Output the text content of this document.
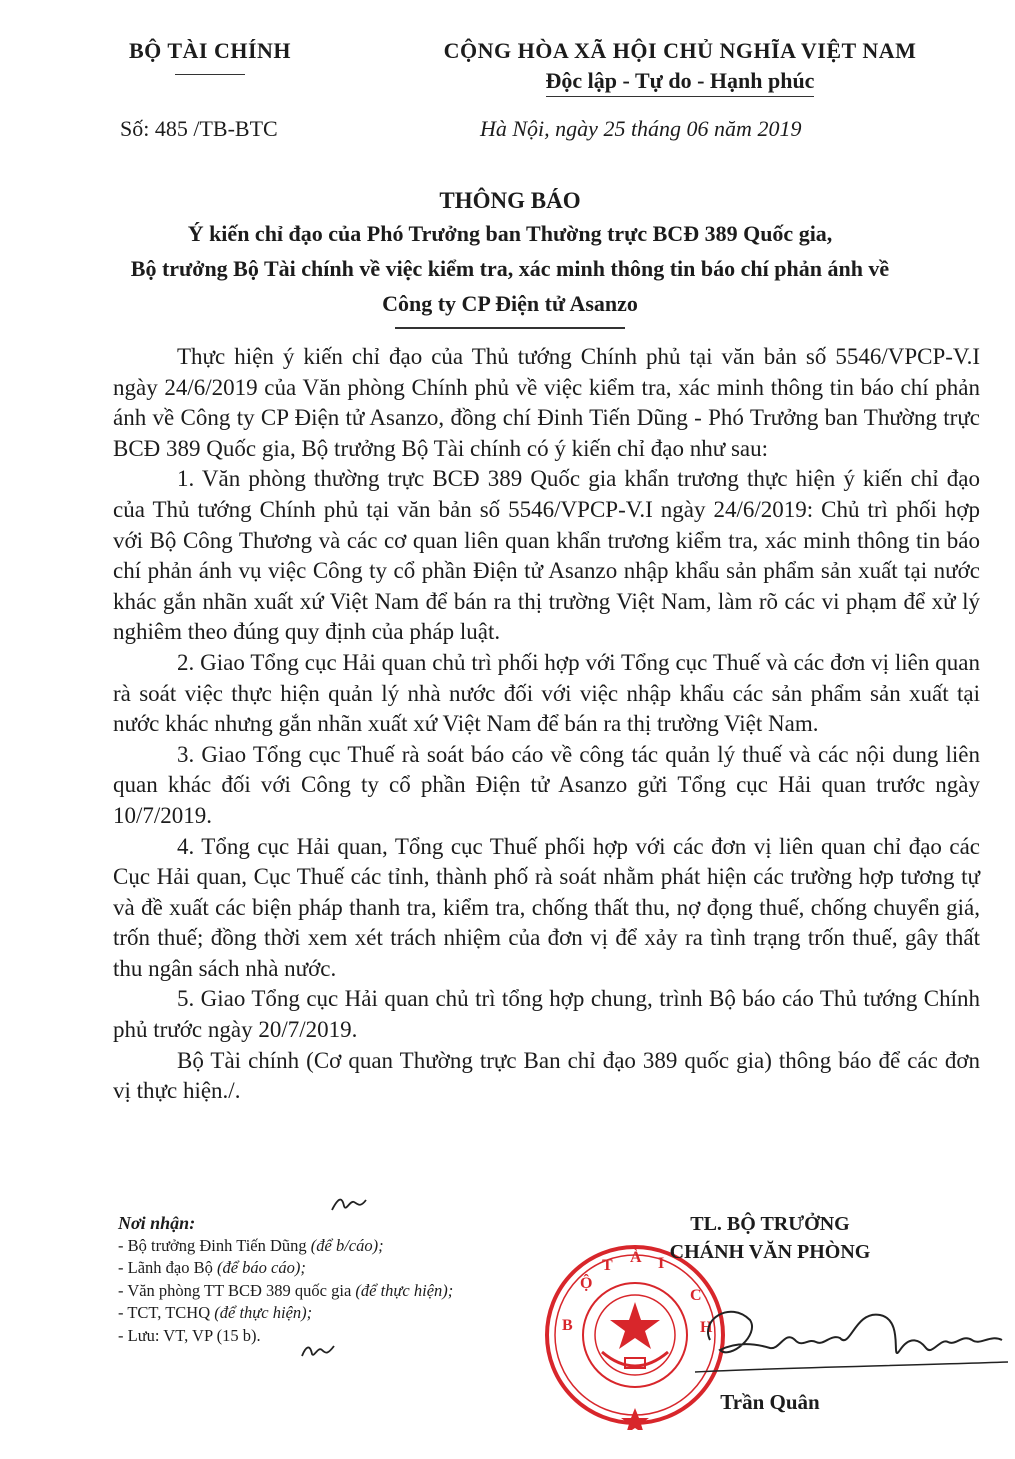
BỘ TÀI CHÍNH	CỘNG HÒA XÃ HỘI CHỦ NGHĨA VIỆT NAM
Độc lập - Tự do - Hạnh phúc
Số: 485 /TB-BTC	Hà Nội, ngày 25 tháng 06 năm 2019
THÔNG BÁO
Ý kiến chỉ đạo của Phó Trưởng ban Thường trực BCĐ 389 Quốc gia,
Bộ trưởng Bộ Tài chính về việc kiểm tra, xác minh thông tin báo chí phản ánh về
Công ty CP Điện tử Asanzo

Thực hiện ý kiến chỉ đạo của Thủ tướng Chính phủ tại văn bản số 5546/VPCP-V.I ngày 24/6/2019 của Văn phòng Chính phủ về việc kiểm tra, xác minh thông tin báo chí phản ánh về Công ty CP Điện tử Asanzo, đồng chí Đinh Tiến Dũng - Phó Trưởng ban Thường trực BCĐ 389 Quốc gia, Bộ trưởng Bộ Tài chính có ý kiến chỉ đạo như sau:

1. Văn phòng thường trực BCĐ 389 Quốc gia khẩn trương thực hiện ý kiến chỉ đạo của Thủ tướng Chính phủ tại văn bản số 5546/VPCP-V.I ngày 24/6/2019: Chủ trì phối hợp với Bộ Công Thương và các cơ quan liên quan khẩn trương kiểm tra, xác minh thông tin báo chí phản ánh vụ việc Công ty cổ phần Điện tử Asanzo nhập khẩu sản phẩm sản xuất tại nước khác gắn nhãn xuất xứ Việt Nam để bán ra thị trường Việt Nam, làm rõ các vi phạm để xử lý nghiêm theo đúng quy định của pháp luật.

2. Giao Tổng cục Hải quan chủ trì phối hợp với Tổng cục Thuế và các đơn vị liên quan rà soát việc thực hiện quản lý nhà nước đối với việc nhập khẩu các sản phẩm sản xuất tại nước khác nhưng gắn nhãn xuất xứ Việt Nam để bán ra thị trường Việt Nam.

3. Giao Tổng cục Thuế rà soát báo cáo về công tác quản lý thuế và các nội dung liên quan khác đối với Công ty cổ phần Điện tử Asanzo gửi Tổng cục Hải quan trước ngày 10/7/2019.

4. Tổng cục Hải quan, Tổng cục Thuế phối hợp với các đơn vị liên quan chỉ đạo các Cục Hải quan, Cục Thuế các tỉnh, thành phố rà soát nhằm phát hiện các trường hợp tương tự và đề xuất các biện pháp thanh tra, kiểm tra, chống thất thu, nợ đọng thuế, chống chuyển giá, trốn thuế; đồng thời xem xét trách nhiệm của đơn vị để xảy ra tình trạng trốn thuế, gây thất thu ngân sách nhà nước.

5. Giao Tổng cục Hải quan chủ trì tổng hợp chung, trình Bộ báo cáo Thủ tướng Chính phủ trước ngày 20/7/2019.

Bộ Tài chính (Cơ quan Thường trực Ban chỉ đạo 389 quốc gia) thông báo để các đơn vị thực hiện./.

Nơi nhận:
- Bộ trưởng Đinh Tiến Dũng (để b/cáo);
- Lãnh đạo Bộ (để báo cáo);
- Văn phòng TT BCĐ 389 quốc gia (để thực hiện);
- TCT, TCHQ (để thực hiện);
- Lưu: VT, VP (15 b).
Ộ
T À I
C
H
B
TL. BỘ TRƯỞNG
CHÁNH VĂN PHÒNG
Trần Quân
